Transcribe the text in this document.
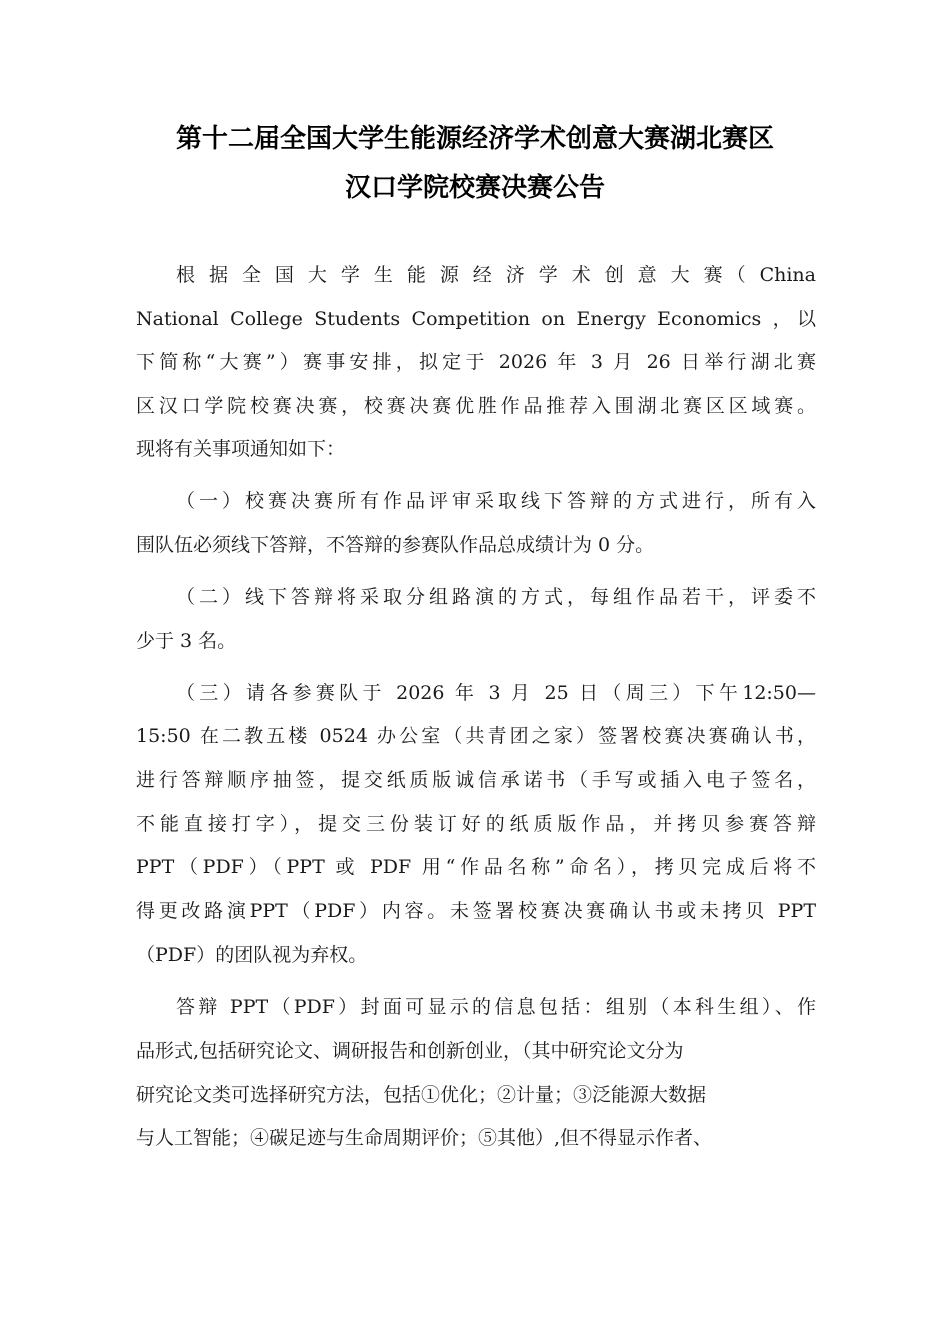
第十二届全国大学生能源经济学术创意大赛湖北赛区
汉口学院校赛决赛公告
根 据 全 国 大 学 生 能 源 经 济 学 术 创 意 大 赛（ China
National College Students Competition on Energy Economics ，以
下简称“大赛”）赛事安排，拟定于 2026 年 3 月 26 日举行湖北赛
区汉口学院校赛决赛，校赛决赛优胜作品推荐入围湖北赛区区域赛。
现将有关事项通知如下：
（一）校赛决赛所有作品评审采取线下答辩的方式进行，所有入
围队伍必须线下答辩，不答辩的参赛队作品总成绩计为 0 分。
（二）线下答辩将采取分组路演的方式，每组作品若干，评委不
少于 3 名。
（三）请各参赛队于 2026 年 3 月 25 日（周三）下午12:50—
15:50 在二教五楼 0524 办公室（共青团之家）签署校赛决赛确认书，
进行答辩顺序抽签，提交纸质版诚信承诺书（手写或插入电子签名，
不能直接打字），提交三份装订好的纸质版作品，并拷贝参赛答辩
PPT（PDF）（PPT 或 PDF 用“作品名称”命名），拷贝完成后将不
得更改路演PPT（PDF）内容。未签署校赛决赛确认书或未拷贝 PPT
（PDF）的团队视为弃权。
答辩 PPT（PDF）封面可显示的信息包括：组别（本科生组）、作
品形式,包括研究论文、调研报告和创新创业，（其中研究论文分为
研究论文类可选择研究方法，包括①优化；②计量；③泛能源大数据
与人工智能；④碳足迹与生命周期评价；⑤其他）,但不得显示作者、
